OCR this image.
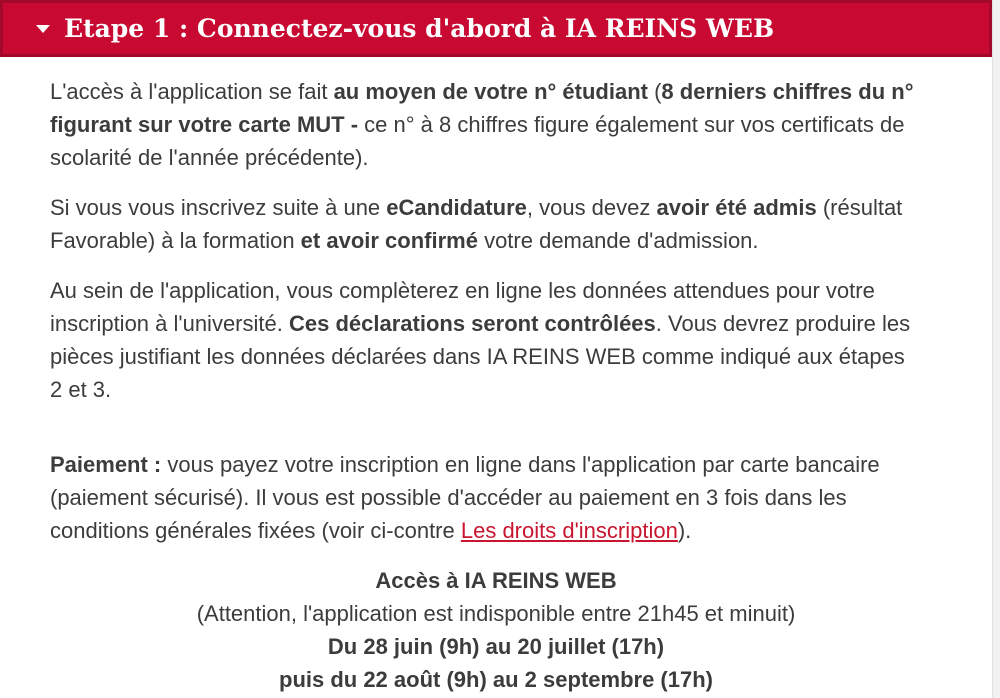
Etape 1 : Connectez-vous d'abord à IA REINS WEB

L'accès à l'application se fait au moyen de votre n° étudiant (8 derniers chiffres du n° figurant sur votre carte MUT - ce n° à 8 chiffres figure également sur vos certificats de scolarité de l'année précédente).

Si vous vous inscrivez suite à une eCandidature, vous devez avoir été admis (résultat Favorable) à la formation et avoir confirmé votre demande d'admission.

Au sein de l'application, vous complèterez en ligne les données attendues pour votre inscription à l'université. Ces déclarations seront contrôlées. Vous devrez produire les pièces justifiant les données déclarées dans IA REINS WEB comme indiqué aux étapes 2 et 3.

Paiement : vous payez votre inscription en ligne dans l'application par carte bancaire (paiement sécurisé). Il vous est possible d'accéder au paiement en 3 fois dans les conditions générales fixées (voir ci-contre Les droits d'inscription).

Accès à IA REINS WEB
(Attention, l'application est indisponible entre 21h45 et minuit)
Du 28 juin (9h) au 20 juillet (17h)
puis du 22 août (9h) au 2 septembre (17h)
